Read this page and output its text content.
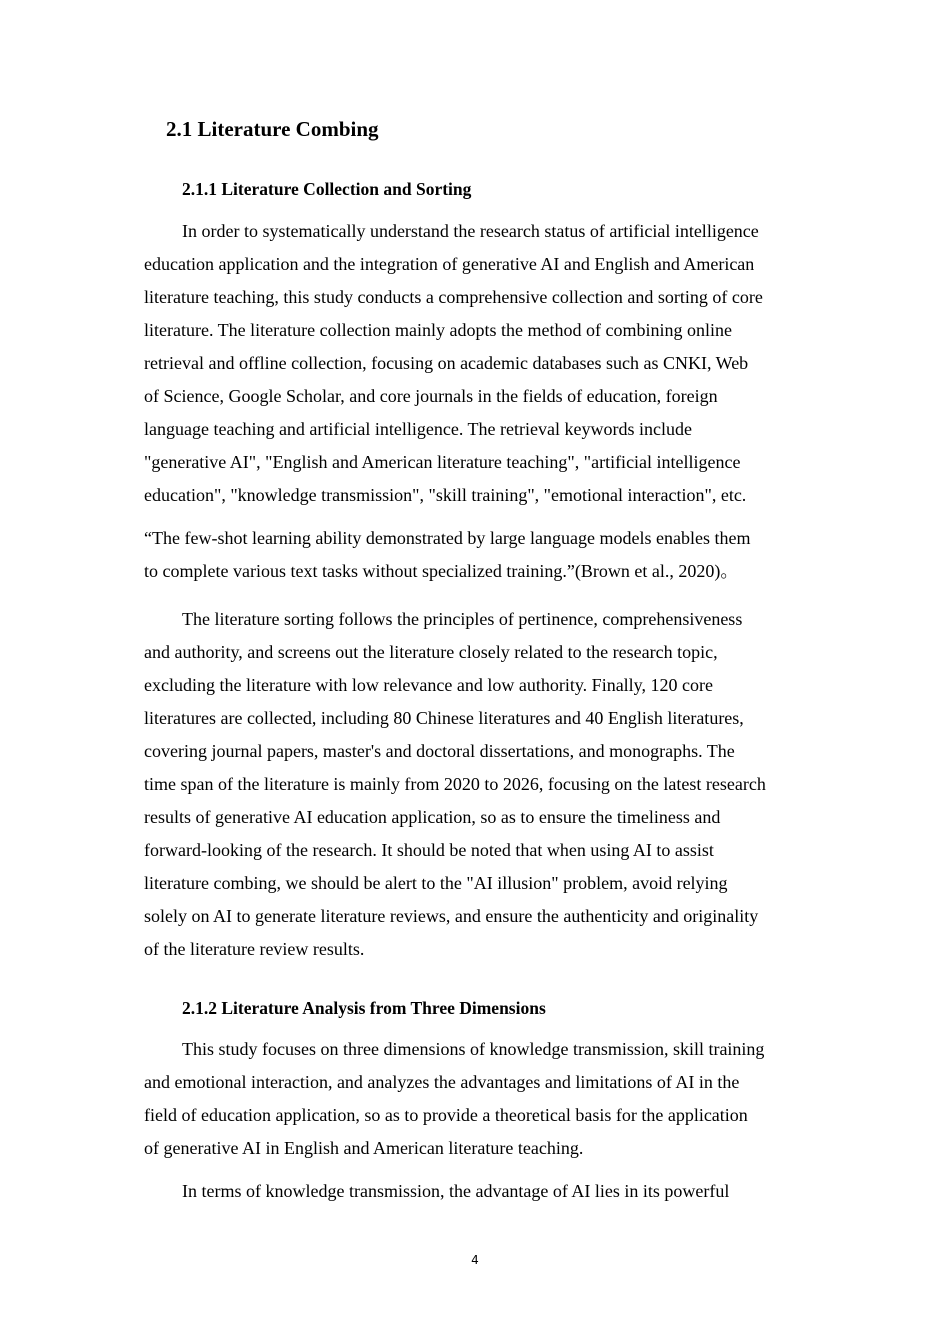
2.1 Literature Combing
2.1.1 Literature Collection and Sorting

In order to systematically understand the research status of artificial intelligence
education application and the integration of generative AI and English and American
literature teaching, this study conducts a comprehensive collection and sorting of core
literature. The literature collection mainly adopts the method of combining online
retrieval and offline collection, focusing on academic databases such as CNKI, Web
of Science, Google Scholar, and core journals in the fields of education, foreign
language teaching and artificial intelligence. The retrieval keywords include
"generative AI", "English and American literature teaching", "artificial intelligence
education", "knowledge transmission", "skill training", "emotional interaction", etc.

“The few-shot learning ability demonstrated by large language models enables them
to complete various text tasks without specialized training.”(Brown et al., 2020)。

The literature sorting follows the principles of pertinence, comprehensiveness
and authority, and screens out the literature closely related to the research topic,
excluding the literature with low relevance and low authority. Finally, 120 core
literatures are collected, including 80 Chinese literatures and 40 English literatures,
covering journal papers, master's and doctoral dissertations, and monographs. The
time span of the literature is mainly from 2020 to 2026, focusing on the latest research
results of generative AI education application, so as to ensure the timeliness and
forward-looking of the research. It should be noted that when using AI to assist
literature combing, we should be alert to the "AI illusion" problem, avoid relying
solely on AI to generate literature reviews, and ensure the authenticity and originality
of the literature review results.

2.1.2 Literature Analysis from Three Dimensions

This study focuses on three dimensions of knowledge transmission, skill training
and emotional interaction, and analyzes the advantages and limitations of AI in the
field of education application, so as to provide a theoretical basis for the application
of generative AI in English and American literature teaching.

In terms of knowledge transmission, the advantage of AI lies in its powerful

4
